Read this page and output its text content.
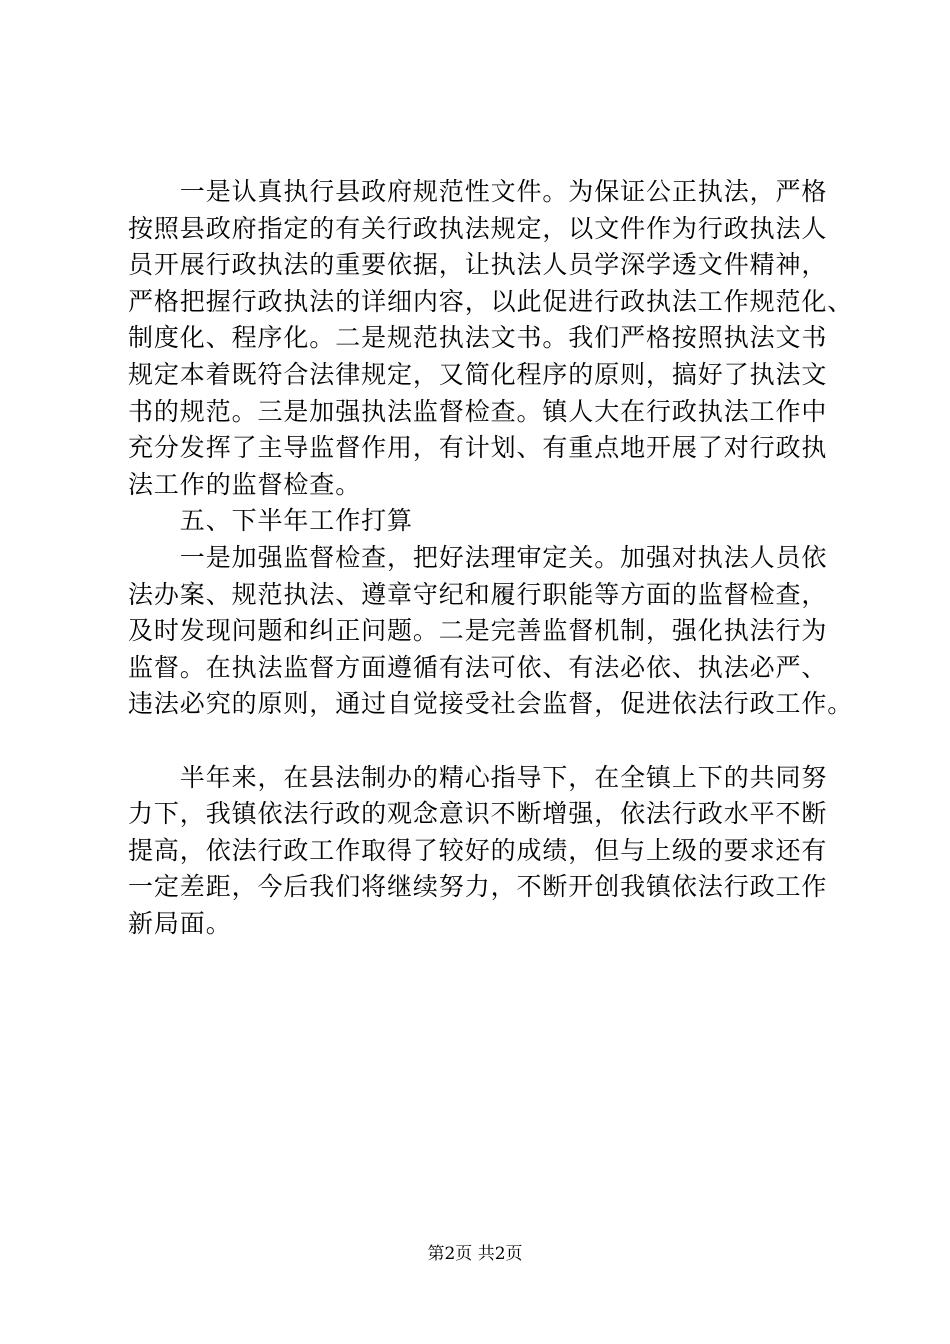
　　一是认真执行县政府规范性文件。为保证公正执法，严格
按照县政府指定的有关行政执法规定，以文件作为行政执法人
员开展行政执法的重要依据，让执法人员学深学透文件精神，
严格把握行政执法的详细内容，以此促进行政执法工作规范化、
制度化、程序化。二是规范执法文书。我们严格按照执法文书
规定本着既符合法律规定，又简化程序的原则，搞好了执法文
书的规范。三是加强执法监督检查。镇人大在行政执法工作中
充分发挥了主导监督作用，有计划、有重点地开展了对行政执
法工作的监督检查。
　　五、下半年工作打算
　　一是加强监督检查，把好法理审定关。加强对执法人员依
法办案、规范执法、遵章守纪和履行职能等方面的监督检查，
及时发现问题和纠正问题。二是完善监督机制，强化执法行为
监督。在执法监督方面遵循有法可依、有法必依、执法必严、
违法必究的原则，通过自觉接受社会监督，促进依法行政工作。
　　半年来，在县法制办的精心指导下，在全镇上下的共同努
力下，我镇依法行政的观念意识不断增强，依法行政水平不断
提高，依法行政工作取得了较好的成绩，但与上级的要求还有
一定差距，今后我们将继续努力，不断开创我镇依法行政工作
新局面。
第2页 共2页
